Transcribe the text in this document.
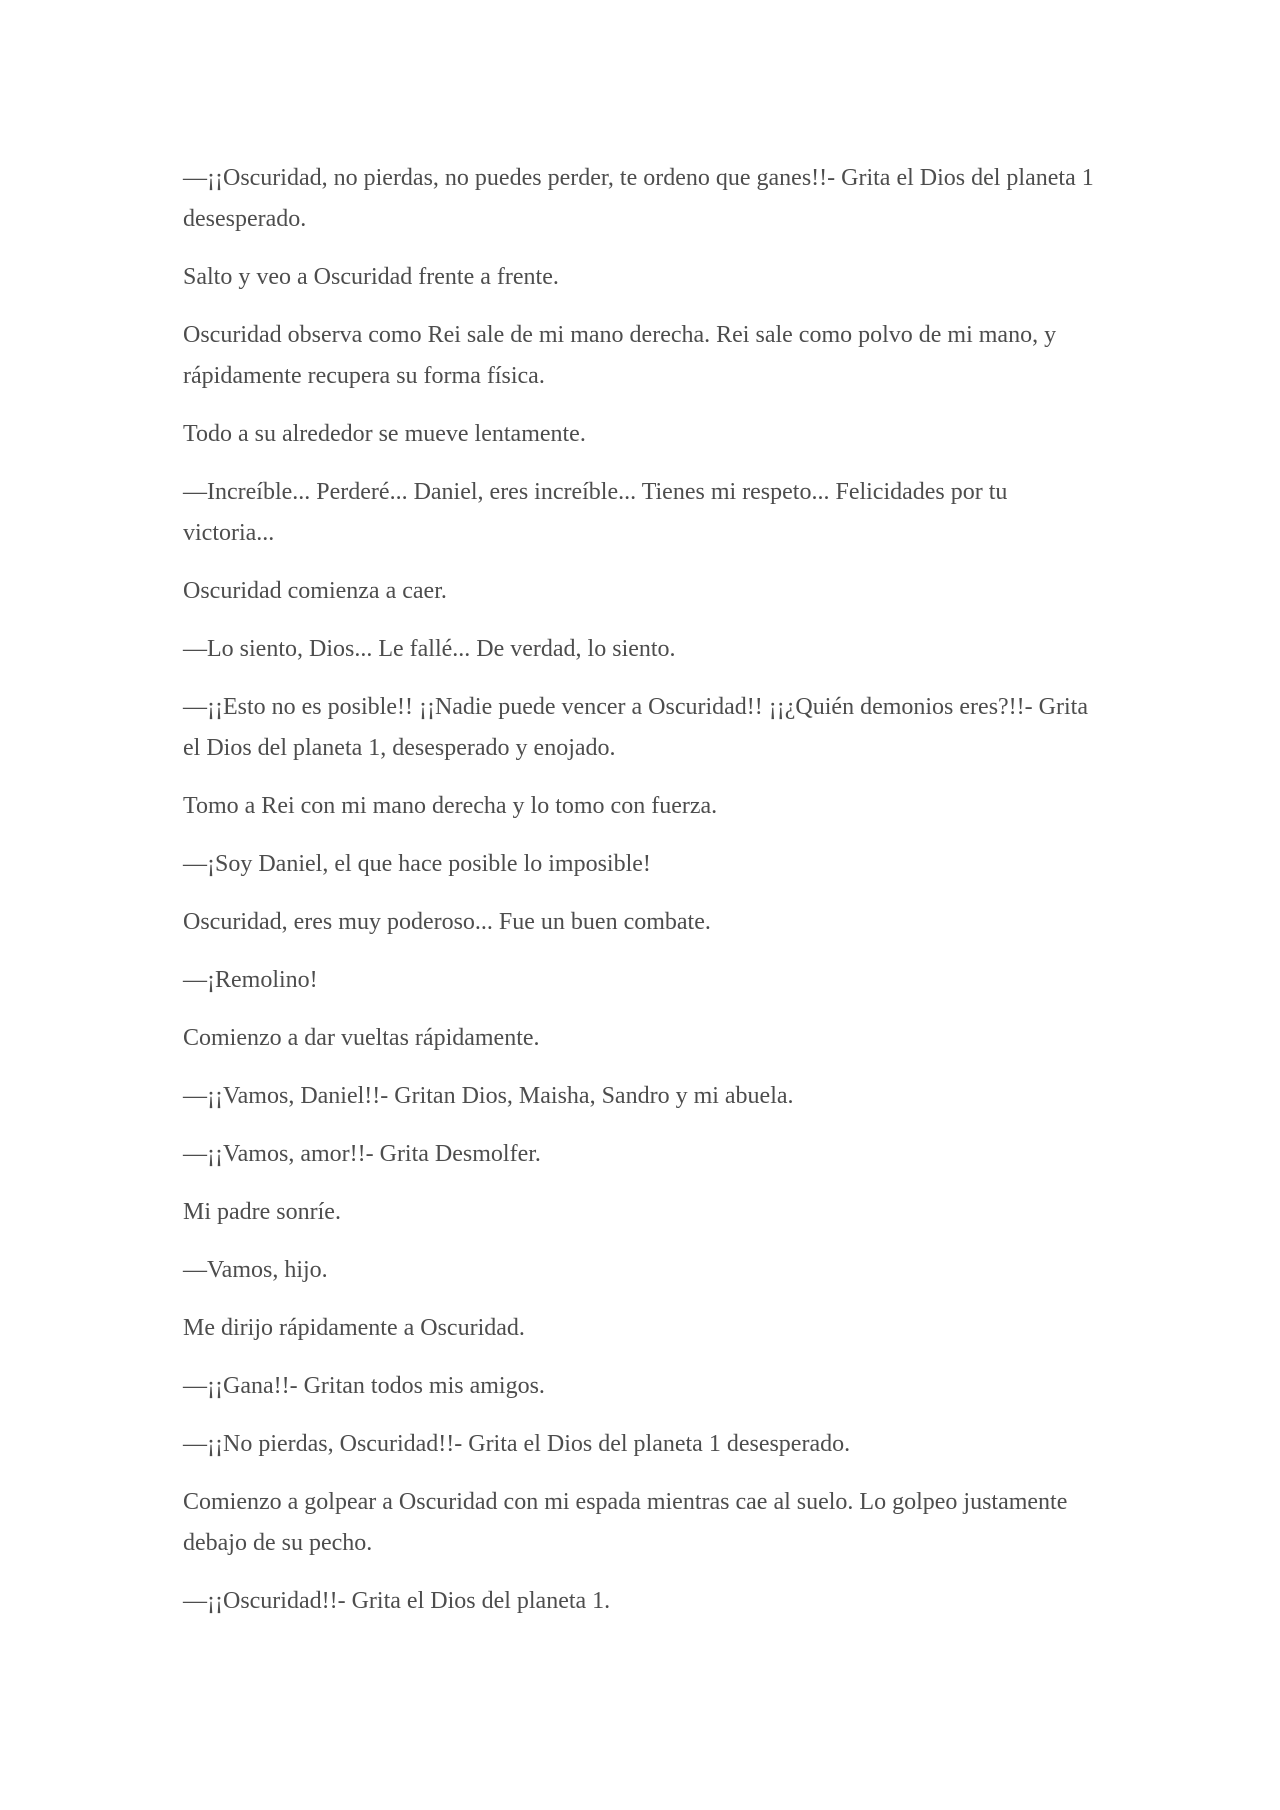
—¡¡Oscuridad, no pierdas, no puedes perder, te ordeno que ganes!!- Grita el Dios del planeta 1 desesperado.

Salto y veo a Oscuridad frente a frente.

Oscuridad observa como Rei sale de mi mano derecha. Rei sale como polvo de mi mano, y rápidamente recupera su forma física.

Todo a su alrededor se mueve lentamente.

—Increíble... Perderé... Daniel, eres increíble... Tienes mi respeto... Felicidades por tu victoria...

Oscuridad comienza a caer.

—Lo siento, Dios... Le fallé... De verdad, lo siento.

—¡¡Esto no es posible!! ¡¡Nadie puede vencer a Oscuridad!! ¡¡¿Quién demonios eres?!!- Grita el Dios del planeta 1, desesperado y enojado.

Tomo a Rei con mi mano derecha y lo tomo con fuerza.

—¡Soy Daniel, el que hace posible lo imposible!

Oscuridad, eres muy poderoso... Fue un buen combate.

—¡Remolino!

Comienzo a dar vueltas rápidamente.

—¡¡Vamos, Daniel!!- Gritan Dios, Maisha, Sandro y mi abuela.

—¡¡Vamos, amor!!- Grita Desmolfer.

Mi padre sonríe.

—Vamos, hijo.

Me dirijo rápidamente a Oscuridad.

—¡¡Gana!!- Gritan todos mis amigos.

—¡¡No pierdas, Oscuridad!!- Grita el Dios del planeta 1 desesperado.

Comienzo a golpear a Oscuridad con mi espada mientras cae al suelo. Lo golpeo justamente debajo de su pecho.

—¡¡Oscuridad!!- Grita el Dios del planeta 1.
